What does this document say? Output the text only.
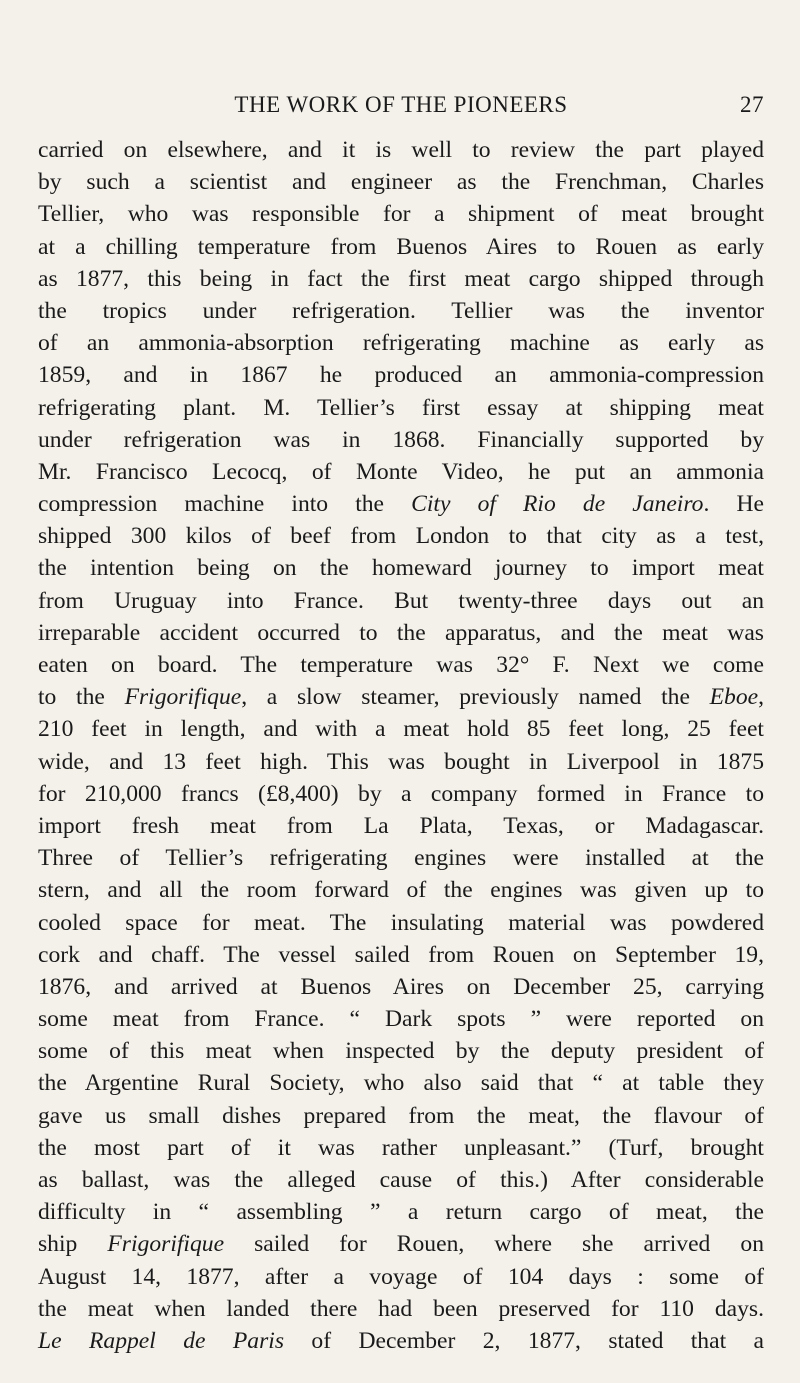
THE WORK OF THE PIONEERS	27
carried on elsewhere, and it is well to review the part played
by such a scientist and engineer as the Frenchman, Charles
Tellier, who was responsible for a shipment of meat brought
at a chilling temperature from Buenos Aires to Rouen as early
as 1877, this being in fact the first meat cargo shipped through
the tropics under refrigeration. Tellier was the inventor
of an ammonia-absorption refrigerating machine as early as
1859, and in 1867 he produced an ammonia-compression
refrigerating plant. M. Tellier’s first essay at shipping meat
under refrigeration was in 1868. Financially supported by
Mr. Francisco Lecocq, of Monte Video, he put an ammonia
compression machine into the City of Rio de Janeiro. He
shipped 300 kilos of beef from London to that city as a test,
the intention being on the homeward journey to import meat
from Uruguay into France. But twenty-three days out an
irreparable accident occurred to the apparatus, and the meat was
eaten on board. The temperature was 32° F. Next we come
to the Frigorifique, a slow steamer, previously named the Eboe,
210 feet in length, and with a meat hold 85 feet long, 25 feet
wide, and 13 feet high. This was bought in Liverpool in 1875
for 210,000 francs (£8,400) by a company formed in France to
import fresh meat from La Plata, Texas, or Madagascar.
Three of Tellier’s refrigerating engines were installed at the
stern, and all the room forward of the engines was given up to
cooled space for meat. The insulating material was powdered
cork and chaff. The vessel sailed from Rouen on September 19,
1876, and arrived at Buenos Aires on December 25, carrying
some meat from France. “ Dark spots ” were reported on
some of this meat when inspected by the deputy president of
the Argentine Rural Society, who also said that “ at table they
gave us small dishes prepared from the meat, the flavour of
the most part of it was rather unpleasant.” (Turf, brought
as ballast, was the alleged cause of this.) After considerable
difficulty in “ assembling ” a return cargo of meat, the
ship Frigorifique sailed for Rouen, where she arrived on
August 14, 1877, after a voyage of 104 days : some of
the meat when landed there had been preserved for 110 days.
Le Rappel de Paris of December 2, 1877, stated that a
